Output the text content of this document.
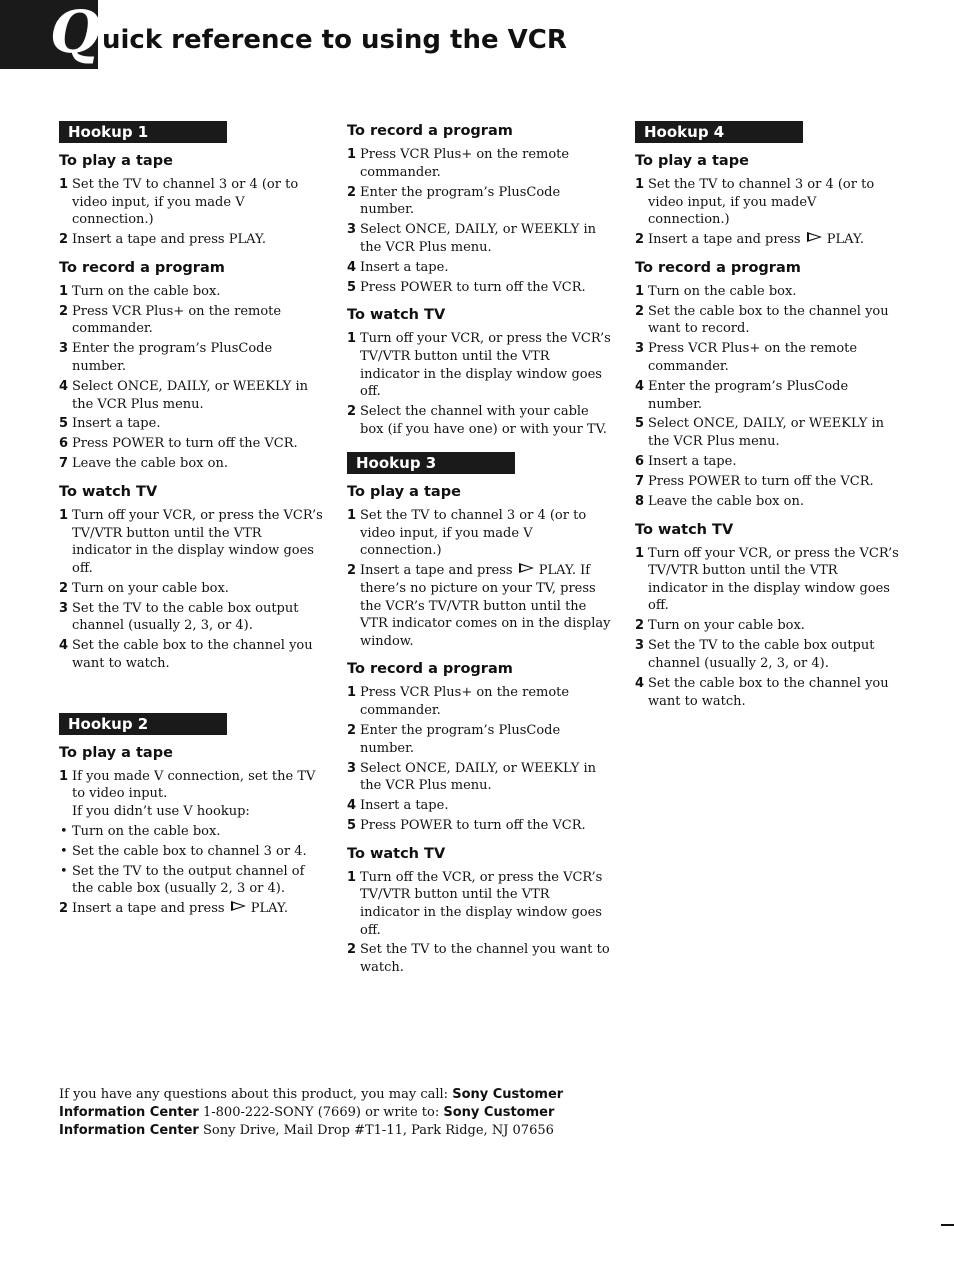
Q uick reference to using the VCR
Hookup 1
To play a tape
1 Set the TV to channel 3 or 4 (or to video input, if you made V connection.)
2 Insert a tape and press PLAY.
To record a program
1 Turn on the cable box.
2 Press VCR Plus+ on the remote commander.
3 Enter the program’s PlusCode number.
4 Select ONCE, DAILY, or WEEKLY in the VCR Plus menu.
5 Insert a tape.
6 Press POWER to turn off the VCR.
7 Leave the cable box on.
To watch TV
1 Turn off your VCR, or press the VCR’s TV/VTR button until the VTR indicator in the display window goes off.
2 Turn on your cable box.
3 Set the TV to the cable box output channel (usually 2, 3, or 4).
4 Set the cable box to the channel you want to watch.
Hookup 2
To play a tape
1 If you made V connection, set the TV to video input.
If you didn’t use V hookup:
• Turn on the cable box.
• Set the cable box to channel 3 or 4.
• Set the TV to the output channel of the cable box (usually 2, 3 or 4).
2 Insert a tape and press PLAY.
To record a program
1 Press VCR Plus+ on the remote commander.
2 Enter the program’s PlusCode number.
3 Select ONCE, DAILY, or WEEKLY in the VCR Plus menu.
4 Insert a tape.
5 Press POWER to turn off the VCR.
To watch TV
1 Turn off your VCR, or press the VCR’s TV/VTR button until the VTR indicator in the display window goes off.
2 Select the channel with your cable box (if you have one) or with your TV.
Hookup 3
To play a tape
1 Set the TV to channel 3 or 4 (or to video input, if you made V connection.)
2 Insert a tape and press PLAY. If there’s no picture on your TV, press the VCR’s TV/VTR button until the VTR indicator comes on in the display window.
To record a program
1 Press VCR Plus+ on the remote commander.
2 Enter the program’s PlusCode number.
3 Select ONCE, DAILY, or WEEKLY in the VCR Plus menu.
4 Insert a tape.
5 Press POWER to turn off the VCR.
To watch TV
1 Turn off the VCR, or press the VCR’s TV/VTR button until the VTR indicator in the display window goes off.
2 Set the TV to the channel you want to watch.
Hookup 4
To play a tape
1 Set the TV to channel 3 or 4 (or to video input, if you madeV connection.)
2 Insert a tape and press PLAY.
To record a program
1 Turn on the cable box.
2 Set the cable box to the channel you want to record.
3 Press VCR Plus+ on the remote commander.
4 Enter the program’s PlusCode number.
5 Select ONCE, DAILY, or WEEKLY in the VCR Plus menu.
6 Insert a tape.
7 Press POWER to turn off the VCR.
8 Leave the cable box on.
To watch TV
1 Turn off your VCR, or press the VCR’s TV/VTR button until the VTR indicator in the display window goes off.
2 Turn on your cable box.
3 Set the TV to the cable box output channel (usually 2, 3, or 4).
4 Set the cable box to the channel you want to watch.
If you have any questions about this product, you may call: Sony Customer Information Center 1-800-222-SONY (7669) or write to: Sony Customer Information Center Sony Drive, Mail Drop #T1-11, Park Ridge, NJ 07656
